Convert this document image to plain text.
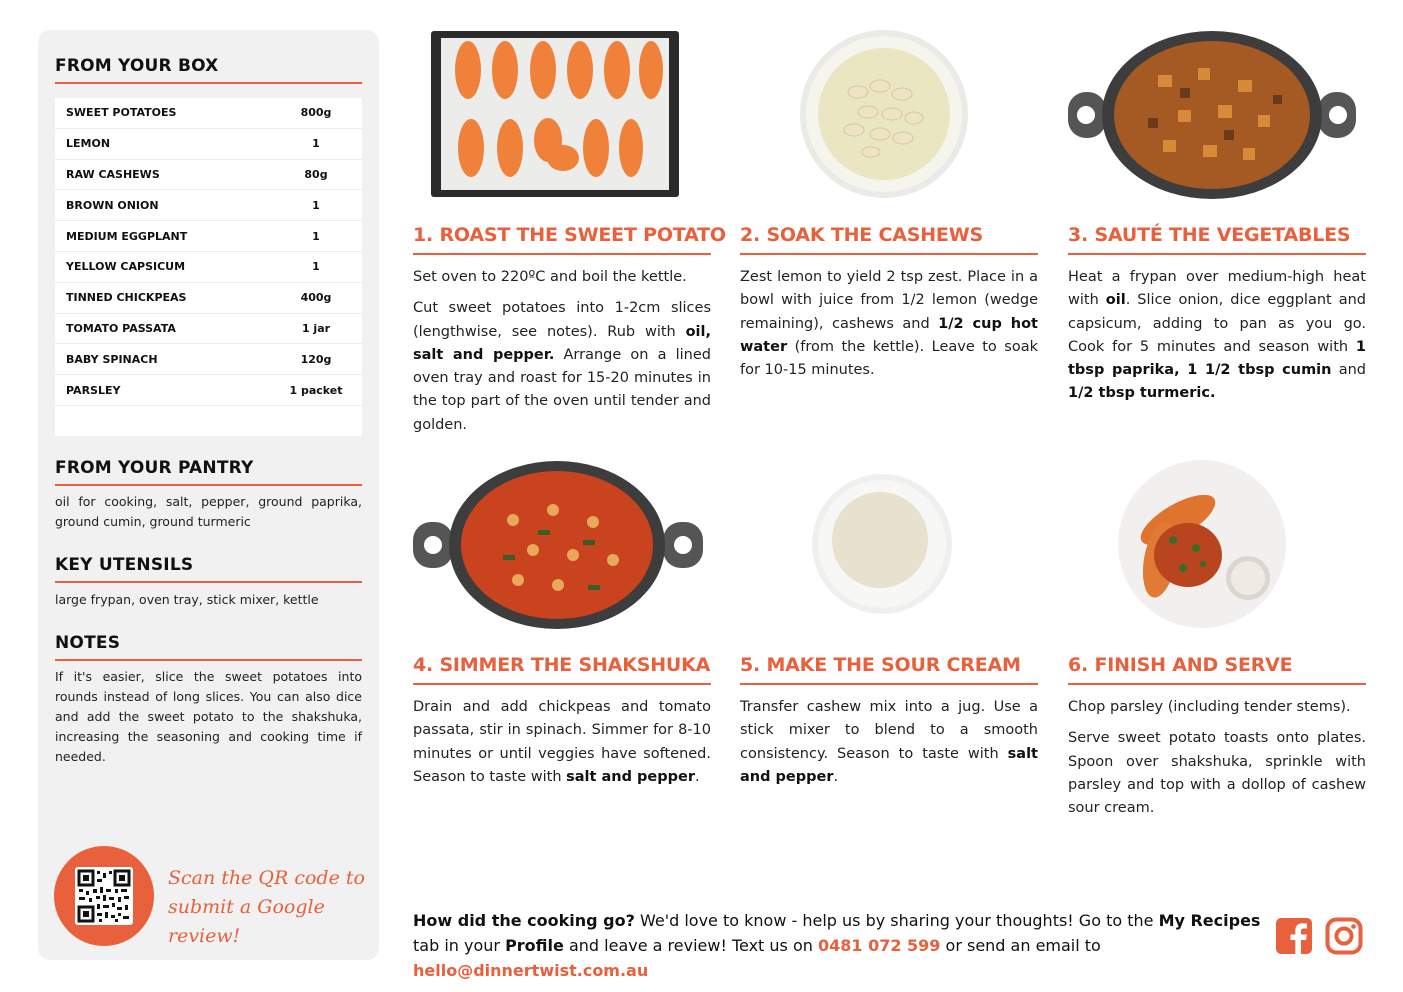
FROM YOUR BOX
SWEET POTATOES	800g
LEMON	1
RAW CASHEWS	80g
BROWN ONION	1
MEDIUM EGGPLANT	1
YELLOW CAPSICUM	1
TINNED CHICKPEAS	400g
TOMATO PASSATA	1 jar
BABY SPINACH	120g
PARSLEY	1 packet
FROM YOUR PANTRY
oil for cooking, salt, pepper, ground paprika, ground cumin, ground turmeric
KEY UTENSILS
large frypan, oven tray, stick mixer, kettle
NOTES
If it's easier, slice the sweet potatoes into rounds instead of long slices. You can also dice and add the sweet potato to the shakshuka, increasing the seasoning and cooking time if needed.
Scan the QR code to
submit a Google review!
1. ROAST THE SWEET POTATO

Set oven to 220ºC and boil the kettle.

Cut sweet potatoes into 1-2cm slices (lengthwise, see notes). Rub with oil, salt and pepper. Arrange on a lined oven tray and roast for 15-20 minutes in the top part of the oven until tender and golden.

2. SOAK THE CASHEWS

Zest lemon to yield 2 tsp zest. Place in a bowl with juice from 1/2 lemon (wedge remaining), cashews and 1/2 cup hot water (from the kettle). Leave to soak for 10-15 minutes.

3. SAUTÉ THE VEGETABLES

Heat a frypan over medium-high heat with oil. Slice onion, dice eggplant and capsicum, adding to pan as you go. Cook for 5 minutes and season with 1 tbsp paprika, 1 1/2 tbsp cumin and 1/2 tbsp turmeric.

4. SIMMER THE SHAKSHUKA

Drain and add chickpeas and tomato passata, stir in spinach. Simmer for 8-10 minutes or until veggies have softened. Season to taste with salt and pepper.

5. MAKE THE SOUR CREAM

Transfer cashew mix into a jug. Use a stick mixer to blend to a smooth consistency. Season to taste with salt and pepper.

6. FINISH AND SERVE

Chop parsley (including tender stems).

Serve sweet potato toasts onto plates. Spoon over shakshuka, sprinkle with parsley and top with a dollop of cashew sour cream.

How did the cooking go? We'd love to know - help us by sharing your thoughts! Go to the My Recipes tab in your Profile and leave a review! Text us on 0481 072 599 or send an email to hello@dinnertwist.com.au
